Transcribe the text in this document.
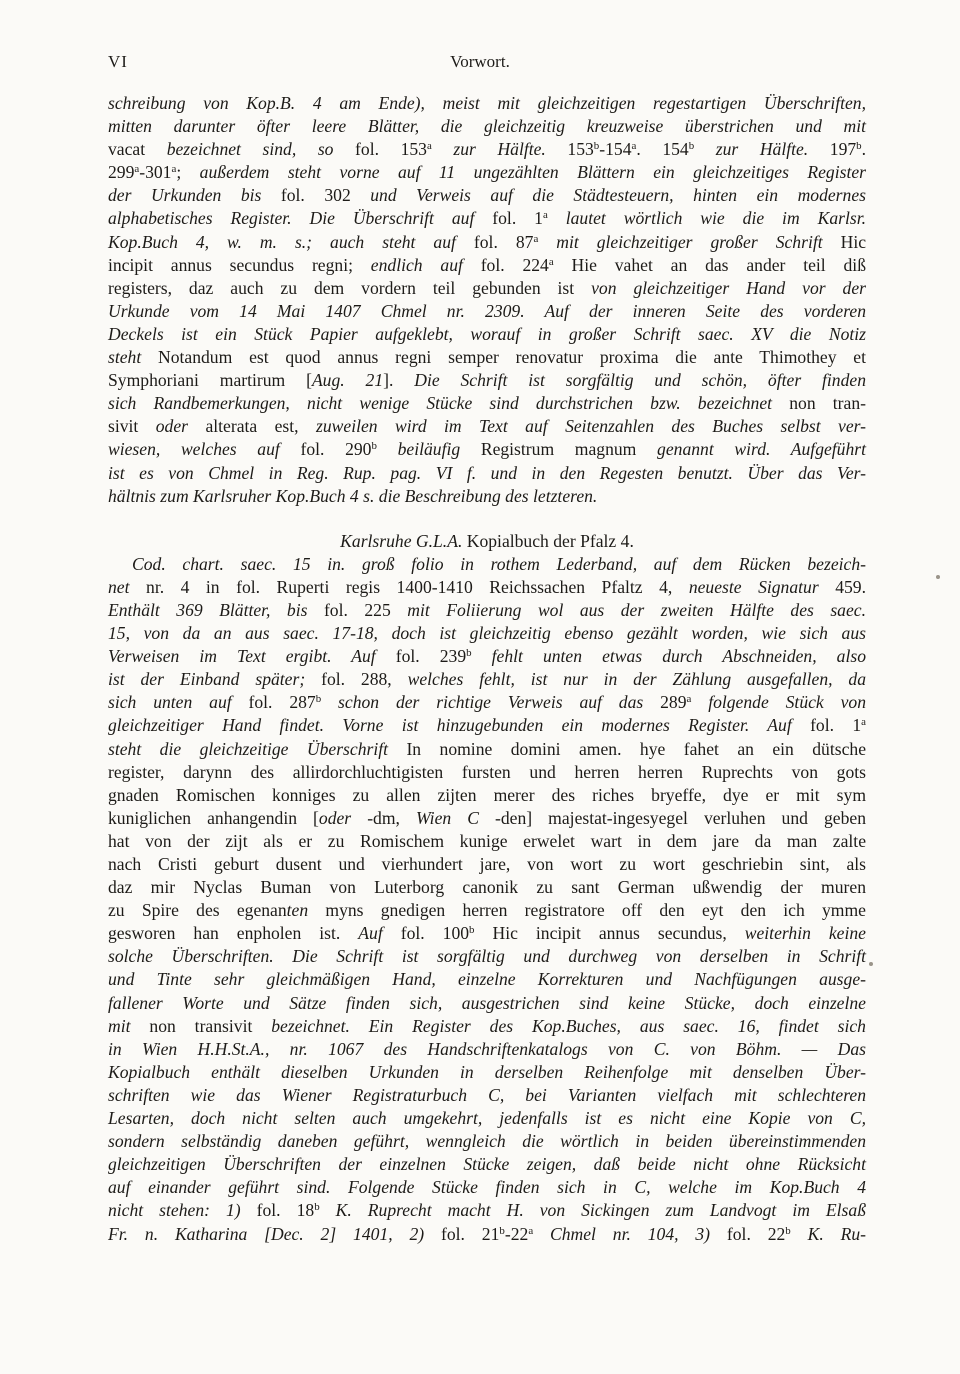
VI	Vorwort.
schreibung von Kop.B. 4 am Ende), meist mit gleichzeitigen regestartigen Überschriften,
mitten darunter öfter leere Blätter, die gleichzeitig kreuzweise überstrichen und mit
vacat bezeichnet sind, so fol. 153$^a$ zur Hälfte. 153$^b$-154$^a$. 154$^b$ zur Hälfte. 197$^b$.
299$^a$-301$^a$; außerdem steht vorne auf 11 ungezählten Blättern ein gleichzeitiges Register
der Urkunden bis fol. 302 und Verweis auf die Städtesteuern, hinten ein modernes
alphabetisches Register. Die Überschrift auf fol. 1$^a$ lautet wörtlich wie die im Karlsr.
Kop.Buch 4, w. m. s.; auch steht auf fol. 87$^a$ mit gleichzeitiger großer Schrift Hic
incipit annus secundus regni; endlich auf fol. 224$^a$ Hie vahet an das ander teil diß
registers, daz auch zu dem vordern teil gebunden ist von gleichzeitiger Hand vor der
Urkunde vom 14 Mai 1407 Chmel nr. 2309. Auf der inneren Seite des vorderen
Deckels ist ein Stück Papier aufgeklebt, worauf in großer Schrift saec. XV die Notiz
steht Notandum est quod annus regni semper renovatur proxima die ante Thimothey et
Symphoriani martirum [Aug. 21]. Die Schrift ist sorgfältig und schön, öfter finden
sich Randbemerkungen, nicht wenige Stücke sind durchstrichen bzw. bezeichnet non tran-
sivit oder alterata est, zuweilen wird im Text auf Seitenzahlen des Buches selbst ver-
wiesen, welches auf fol. 290$^b$ beiläufig Registrum magnum genannt wird. Aufgeführt
ist es von Chmel in Reg. Rup. pag. VI f. und in den Regesten benutzt. Über das Ver-
hältnis zum Karlsruher Kop.Buch 4 s. die Beschreibung des letzteren.
Karlsruhe G.L.A. Kopialbuch der Pfalz 4.
Cod. chart. saec. 15 in. groß folio in rothem Lederband, auf dem Rücken bezeich-
net nr. 4 in fol. Ruperti regis 1400-1410 Reichssachen Pfaltz 4, neueste Signatur 459.
Enthält 369 Blätter, bis fol. 225 mit Foliierung wol aus der zweiten Hälfte des saec.
15, von da an aus saec. 17-18, doch ist gleichzeitig ebenso gezählt worden, wie sich aus
Verweisen im Text ergibt. Auf fol. 239$^b$ fehlt unten etwas durch Abschneiden, also
ist der Einband später; fol. 288, welches fehlt, ist nur in der Zählung ausgefallen, da
sich unten auf fol. 287$^b$ schon der richtige Verweis auf das 289$^a$ folgende Stück von
gleichzeitiger Hand findet. Vorne ist hinzugebunden ein modernes Register. Auf fol. 1$^a$
steht die gleichzeitige Überschrift In nomine domini amen. hye fahet an ein dütsche
register, darynn des allirdorchluchtigisten fursten und herren herren Ruprechts von gots
gnaden Romischen konniges zu allen zijten merer des riches bryeffe, dye er mit sym
kuniglichen anhangendin [oder -dm, Wien C -den] majestat-ingesyegel verluhen und geben
hat von der zijt als er zu Romischem kunige erwelet wart in dem jare da man zalte
nach Cristi geburt dusent und vierhundert jare, von wort zu wort geschriebin sint, als
daz mir Nyclas Buman von Luterborg canonik zu sant German ußwendig der muren
zu Spire des egenanten myns gnedigen herren registratore off den eyt den ich ymme
gesworen han enpholen ist. Auf fol. 100$^b$ Hic incipit annus secundus, weiterhin keine
solche Überschriften. Die Schrift ist sorgfältig und durchweg von derselben in Schrift
und Tinte sehr gleichmäßigen Hand, einzelne Korrekturen und Nachfügungen ausge-
fallener Worte und Sätze finden sich, ausgestrichen sind keine Stücke, doch einzelne
mit non transivit bezeichnet. Ein Register des Kop.Buches, aus saec. 16, findet sich
in Wien H.H.St.A., nr. 1067 des Handschriftenkatalogs von C. von Böhm. — Das
Kopialbuch enthält dieselben Urkunden in derselben Reihenfolge mit denselben Über-
schriften wie das Wiener Registraturbuch C, bei Varianten vielfach mit schlechteren
Lesarten, doch nicht selten auch umgekehrt, jedenfalls ist es nicht eine Kopie von C,
sondern selbständig daneben geführt, wenngleich die wörtlich in beiden übereinstimmenden
gleichzeitigen Überschriften der einzelnen Stücke zeigen, daß beide nicht ohne Rücksicht
auf einander geführt sind. Folgende Stücke finden sich in C, welche im Kop.Buch 4
nicht stehen: 1) fol. 18$^b$ K. Ruprecht macht H. von Sickingen zum Landvogt im Elsaß
Fr. n. Katharina [Dec. 2] 1401, 2) fol. 21$^b$-22$^a$ Chmel nr. 104, 3) fol. 22$^b$ K. Ru-
